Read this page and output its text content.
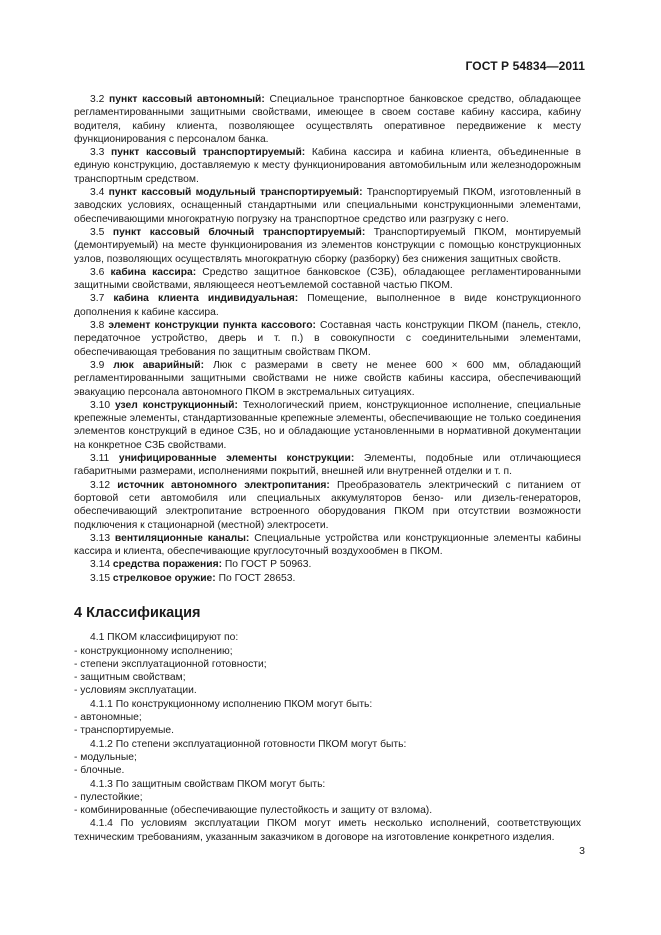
ГОСТ Р 54834—2011

3.2 пункт кассовый автономный: Специальное транспортное банковское средство, обладающее регламентированными защитными свойствами, имеющее в своем составе кабину кассира, кабину водителя, кабину клиента, позволяющее осуществлять оперативное передвижение к месту функционирования с персоналом банка.

3.3 пункт кассовый транспортируемый: Кабина кассира и кабина клиента, объединенные в единую конструкцию, доставляемую к месту функционирования автомобильным или железнодорожным транспортным средством.

3.4 пункт кассовый модульный транспортируемый: Транспортируемый ПКОМ, изготовленный в заводских условиях, оснащенный стандартными или специальными конструкционными элементами, обеспечивающими многократную погрузку на транспортное средство или разгрузку с него.

3.5 пункт кассовый блочный транспортируемый: Транспортируемый ПКОМ, монтируемый (демонтируемый) на месте функционирования из элементов конструкции с помощью конструкционных узлов, позволяющих осуществлять многократную сборку (разборку) без снижения защитных свойств.

3.6 кабина кассира: Средство защитное банковское (СЗБ), обладающее регламентированными защитными свойствами, являющееся неотъемлемой составной частью ПКОМ.

3.7 кабина клиента индивидуальная: Помещение, выполненное в виде конструкционного дополнения к кабине кассира.

3.8 элемент конструкции пункта кассового: Составная часть конструкции ПКОМ (панель, стекло, передаточное устройство, дверь и т. п.) в совокупности с соединительными элементами, обеспечивающая требования по защитным свойствам ПКОМ.

3.9 люк аварийный: Люк с размерами в свету не менее 600 × 600 мм, обладающий регламентированными защитными свойствами не ниже свойств кабины кассира, обеспечивающий эвакуацию персонала автономного ПКОМ в экстремальных ситуациях.

3.10 узел конструкционный: Технологический прием, конструкционное исполнение, специальные крепежные элементы, стандартизованные крепежные элементы, обеспечивающие не только соединения элементов конструкций в единое СЗБ, но и обладающие установленными в нормативной документации на конкретное СЗБ свойствами.

3.11 унифицированные элементы конструкции: Элементы, подобные или отличающиеся габаритными размерами, исполнениями покрытий, внешней или внутренней отделки и т. п.

3.12 источник автономного электропитания: Преобразователь электрический с питанием от бортовой сети автомобиля или специальных аккумуляторов бензо- или дизель-генераторов, обеспечивающий электропитание встроенного оборудования ПКОМ при отсутствии возможности подключения к стационарной (местной) электросети.

3.13 вентиляционные каналы: Специальные устройства или конструкционные элементы кабины кассира и клиента, обеспечивающие круглосуточный воздухообмен в ПКОМ.

3.14 средства поражения: По ГОСТ Р 50963.

3.15 стрелковое оружие: По ГОСТ 28653.

4 Классификация

4.1 ПКОМ классифицируют по:

- конструкционному исполнению;

- степени эксплуатационной готовности;

- защитным свойствам;

- условиям эксплуатации.

4.1.1 По конструкционному исполнению ПКОМ могут быть:

- автономные;

- транспортируемые.

4.1.2 По степени эксплуатационной готовности ПКОМ могут быть:

- модульные;

- блочные.

4.1.3 По защитным свойствам ПКОМ могут быть:

- пулестойкие;

- комбинированные (обеспечивающие пулестойкость и защиту от взлома).

4.1.4 По условиям эксплуатации ПКОМ могут иметь несколько исполнений, соответствующих техническим требованиям, указанным заказчиком в договоре на изготовление конкретного изделия.

3
